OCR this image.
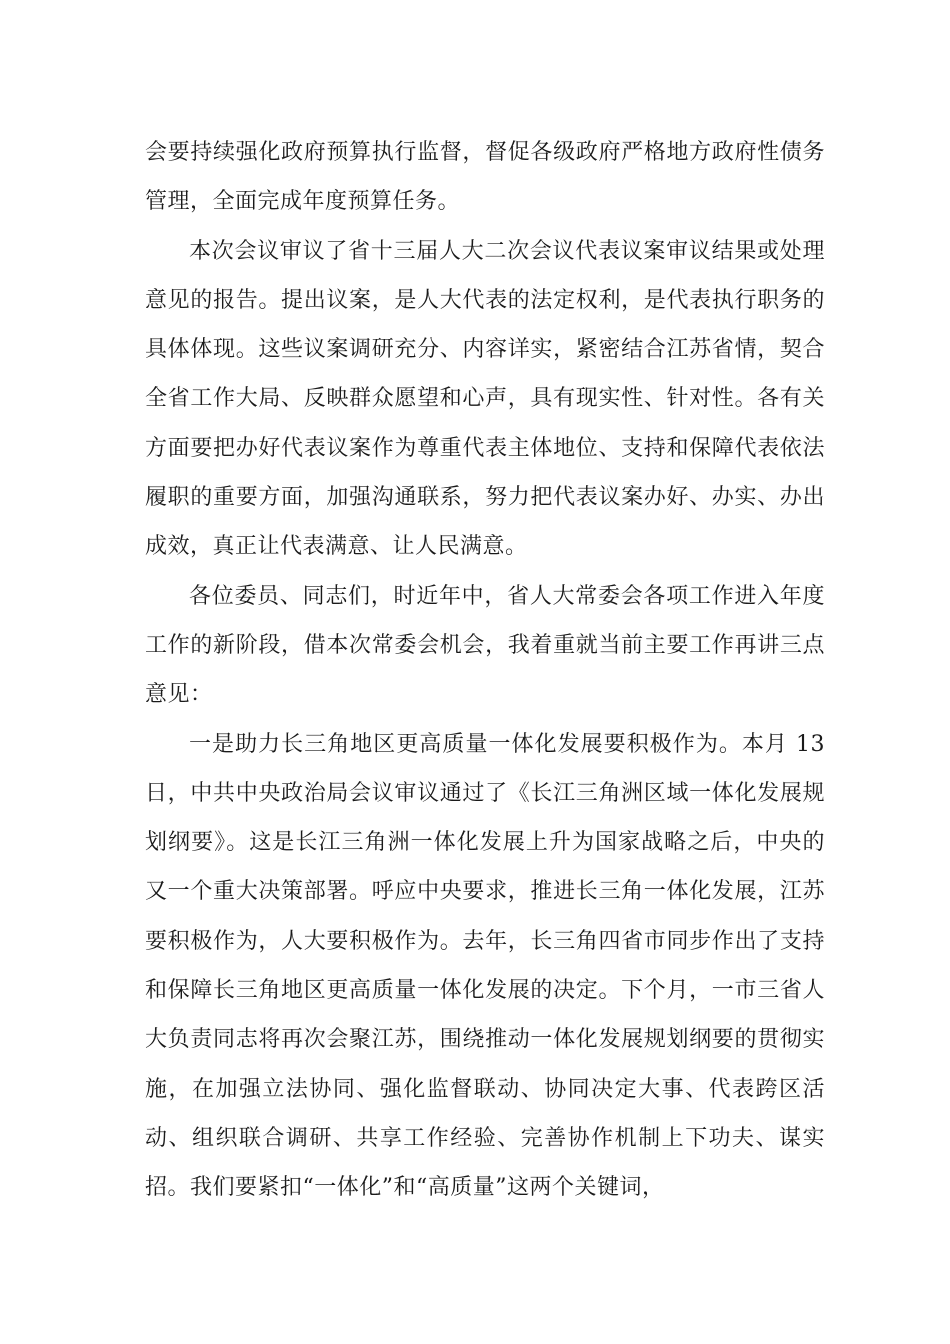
会要持续强化政府预算执行监督，督促各级政府严格地方政府性债务管理，全面完成年度预算任务。

本次会议审议了省十三届人大二次会议代表议案审议结果或处理意见的报告。提出议案，是人大代表的法定权利，是代表执行职务的具体体现。这些议案调研充分、内容详实，紧密结合江苏省情，契合全省工作大局、反映群众愿望和心声，具有现实性、针对性。各有关方面要把办好代表议案作为尊重代表主体地位、支持和保障代表依法履职的重要方面，加强沟通联系，努力把代表议案办好、办实、办出成效，真正让代表满意、让人民满意。

各位委员、同志们，时近年中，省人大常委会各项工作进入年度工作的新阶段，借本次常委会机会，我着重就当前主要工作再讲三点意见：

一是助力长三角地区更高质量一体化发展要积极作为。本月 13 日，中共中央政治局会议审议通过了《长江三角洲区域一体化发展规划纲要》。这是长江三角洲一体化发展上升为国家战略之后，中央的又一个重大决策部署。呼应中央要求，推进长三角一体化发展，江苏要积极作为，人大要积极作为。去年，长三角四省市同步作出了支持和保障长三角地区更高质量一体化发展的决定。下个月，一市三省人大负责同志将再次会聚江苏，围绕推动一体化发展规划纲要的贯彻实施，在加强立法协同、强化监督联动、协同决定大事、代表跨区活动、组织联合调研、共享工作经验、完善协作机制上下功夫、谋实招。我们要紧扣“一体化”和“高质量”这两个关键词，
